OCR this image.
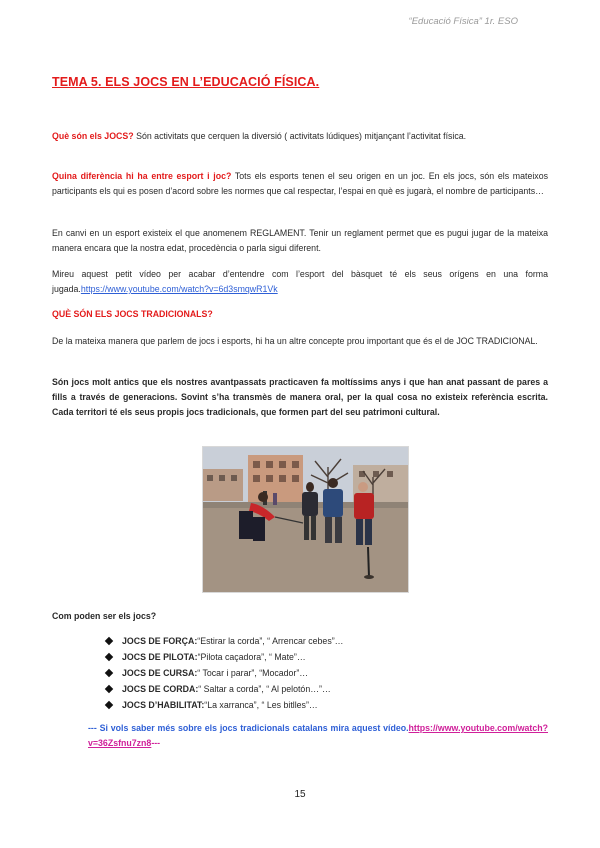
“Educació Física” 1r. ESO
TEMA 5. ELS JOCS EN L’EDUCACIÓ FÍSICA.
Què són els JOCS? Són activitats que cerquen la diversió ( activitats lúdiques) mitjançant l’activitat física.
Quina diferència hi ha entre esport i joc? Tots els esports tenen el seu origen en un joc. En els jocs, són els mateixos participants els qui es posen d’acord sobre les normes que cal respectar, l’espai en què es jugarà, el nombre de participants…
En canvi en un esport existeix el que anomenem REGLAMENT. Tenir un reglament permet que es pugui jugar de la mateixa manera encara que la nostra edat, procedència o parla sigui diferent.
Mireu aquest petit vídeo per acabar d’entendre com l’esport del bàsquet té els seus orígens en una forma jugada.https://www.youtube.com/watch?v=6d3smqwR1Vk
QUÈ SÓN ELS JOCS TRADICIONALS?
De la mateixa manera que parlem de jocs i esports, hi ha un altre concepte prou important que és el de JOC TRADICIONAL.
Són jocs molt antics que els nostres avantpassats practicaven fa moltíssims anys i que han anat passant de pares a fills a través de generacions. Sovint s’ha transmès de manera oral, per la qual cosa no existeix referència escrita. Cada territori té els seus propis jocs tradicionals, que formen part del seu patrimoni cultural.
Com poden ser els jocs?
JOCS DE FORÇA: “Estirar la corda”, “ Arrencar cebes”…
JOCS DE PILOTA: “Pilota caçadora”, “ Mate”…
JOCS DE CURSA: “ Tocar i parar”, “Mocador”…
JOCS DE CORDA: “ Saltar a corda”, “ Al pelotón…”…
JOCS D’HABILITAT: “La xarranca”, “ Les bitlles”…
--- Si vols saber més sobre els jocs tradicionals catalans mira aquest vídeo.https://www.youtube.com/watch?v=36Zsfnu7zn8---
15
